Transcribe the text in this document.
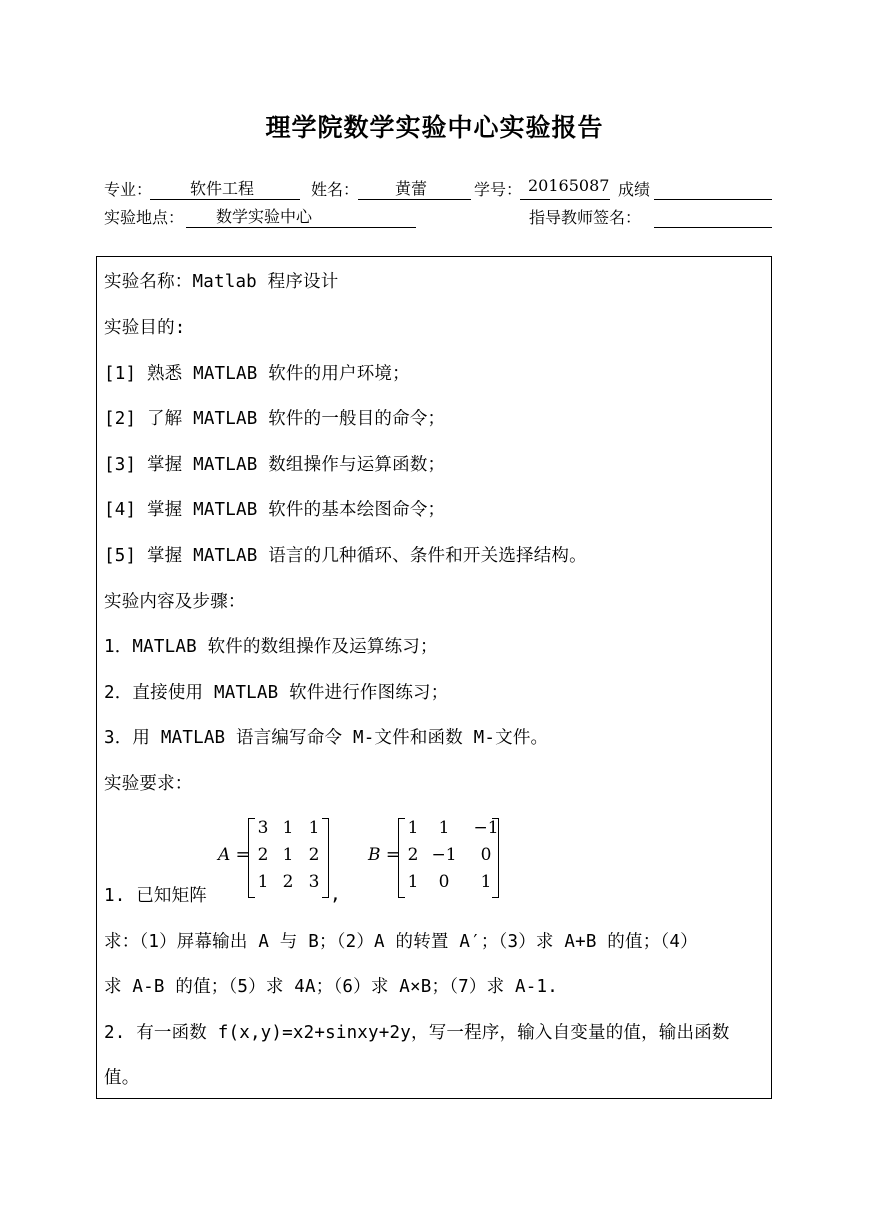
理学院数学实验中心实验报告
专业： 软件工程	姓名： 黄蕾	学号： 20165087 成绩
实验地点： 数学实验中心	指导教师签名：
实验名称：Matlab 程序设计
实验目的:
[1] 熟悉 MATLAB 软件的用户环境；
[2] 了解 MATLAB 软件的一般目的命令；
[3] 掌握 MATLAB 数组操作与运算函数；
[4] 掌握 MATLAB 软件的基本绘图命令；
[5] 掌握 MATLAB 语言的几种循环、条件和开关选择结构。
实验内容及步骤：
1．MATLAB 软件的数组操作及运算练习；
2．直接使用 MATLAB 软件进行作图练习；
3．用 MATLAB 语言编写命令 M-文件和函数 M-文件。
实验要求：
1. 已知矩阵
A =
3 1 1
2 1 2
1 2 3
,
B =
1	1	−1
2 −1	0
1	0	1
求：（1）屏幕输出 A 与 B；（2）A 的转置 A′；（3）求 A+B 的值；（4）
求 A-B 的值；（5）求 4A；（6）求 A×B；（7）求 A-1.
2. 有一函数 f(x,y)=x2+sinxy+2y，写一程序，输入自变量的值，输出函数
值。
